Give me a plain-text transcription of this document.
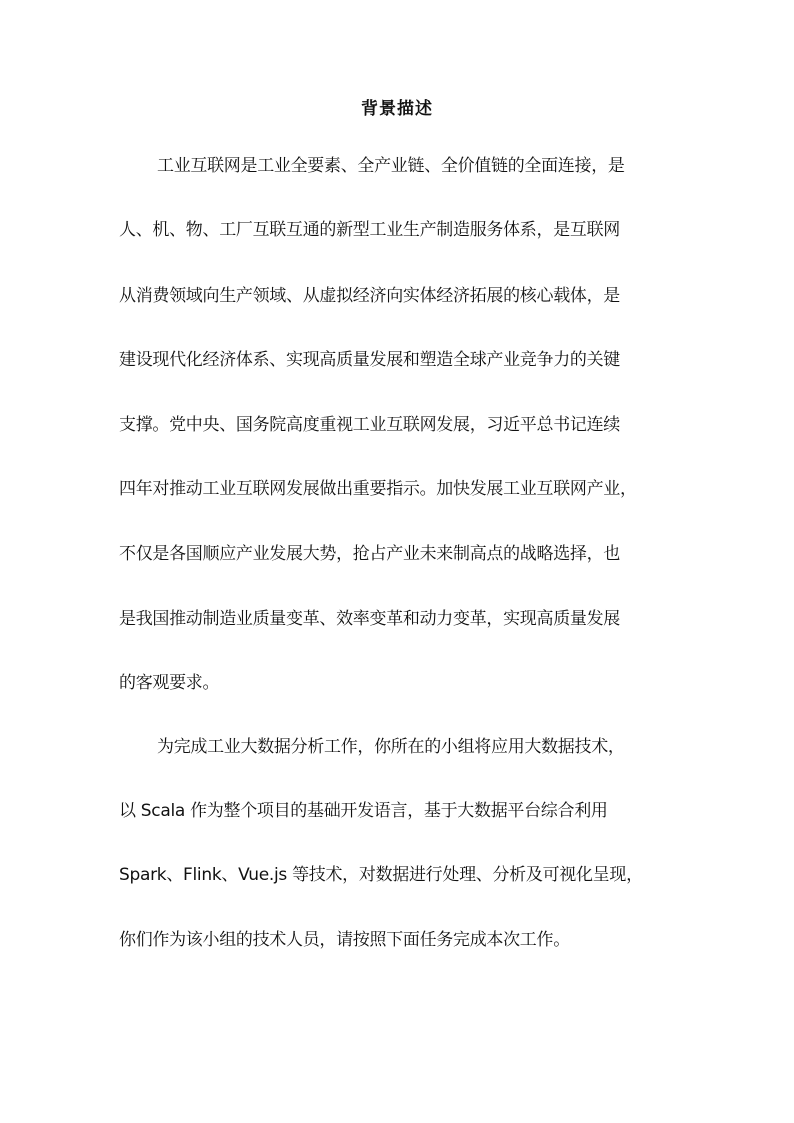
背景描述
工业互联网是工业全要素、全产业链、全价值链的全面连接，是
人、机、物、工厂互联互通的新型工业生产制造服务体系，是互联网
从消费领域向生产领域、从虚拟经济向实体经济拓展的核心载体，是
建设现代化经济体系、实现高质量发展和塑造全球产业竞争力的关键
支撑。党中央、国务院高度重视工业互联网发展，习近平总书记连续
四年对推动工业互联网发展做出重要指示。加快发展工业互联网产业，
不仅是各国顺应产业发展大势，抢占产业未来制高点的战略选择，也
是我国推动制造业质量变革、效率变革和动力变革，实现高质量发展
的客观要求。
为完成工业大数据分析工作，你所在的小组将应用大数据技术，
以 Scala 作为整个项目的基础开发语言，基于大数据平台综合利用
Spark、Flink、Vue.js 等技术，对数据进行处理、分析及可视化呈现，
你们作为该小组的技术人员，请按照下面任务完成本次工作。
